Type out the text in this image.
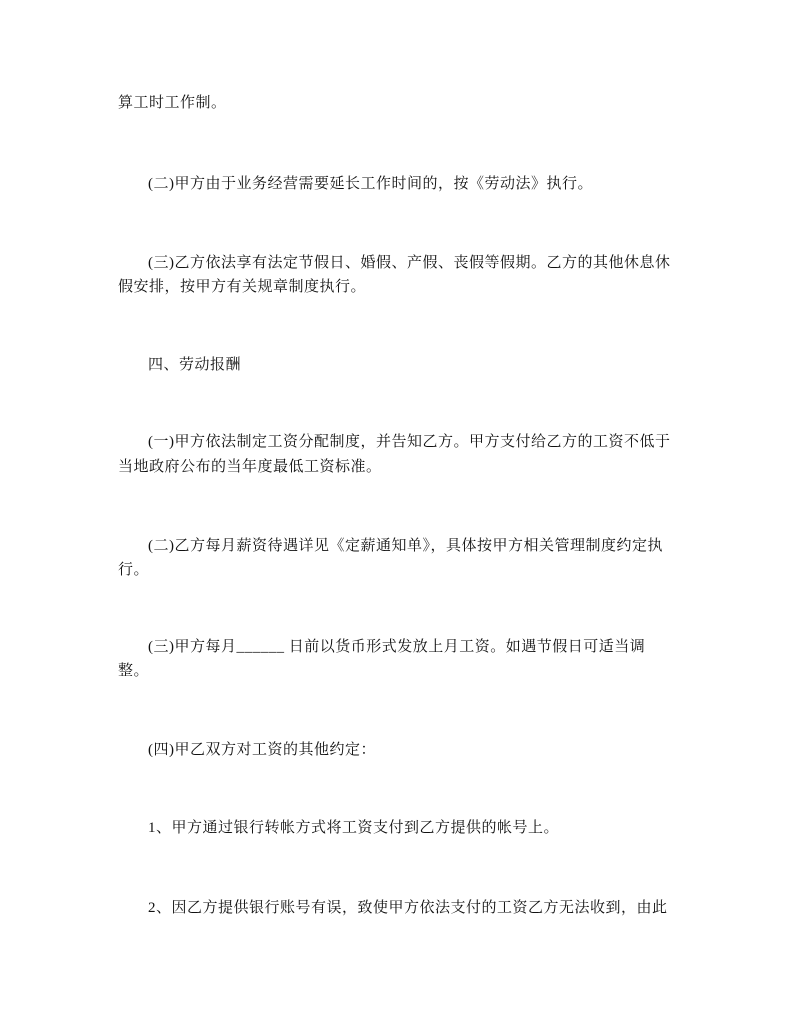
算工时工作制。
(二)甲方由于业务经营需要延长工作时间的，按《劳动法》执行。
(三)乙方依法享有法定节假日、婚假、产假、丧假等假期。乙方的其他休息休
假安排，按甲方有关规章制度执行。
四、劳动报酬
(一)甲方依法制定工资分配制度，并告知乙方。甲方支付给乙方的工资不低于
当地政府公布的当年度最低工资标准。
(二)乙方每月薪资待遇详见《定薪通知单》，具体按甲方相关管理制度约定执
行。
(三)甲方每月______ 日前以货币形式发放上月工资。如遇节假日可适当调
整。
(四)甲乙双方对工资的其他约定：
1、甲方通过银行转帐方式将工资支付到乙方提供的帐号上。
2、因乙方提供银行账号有误，致使甲方依法支付的工资乙方无法收到，由此
